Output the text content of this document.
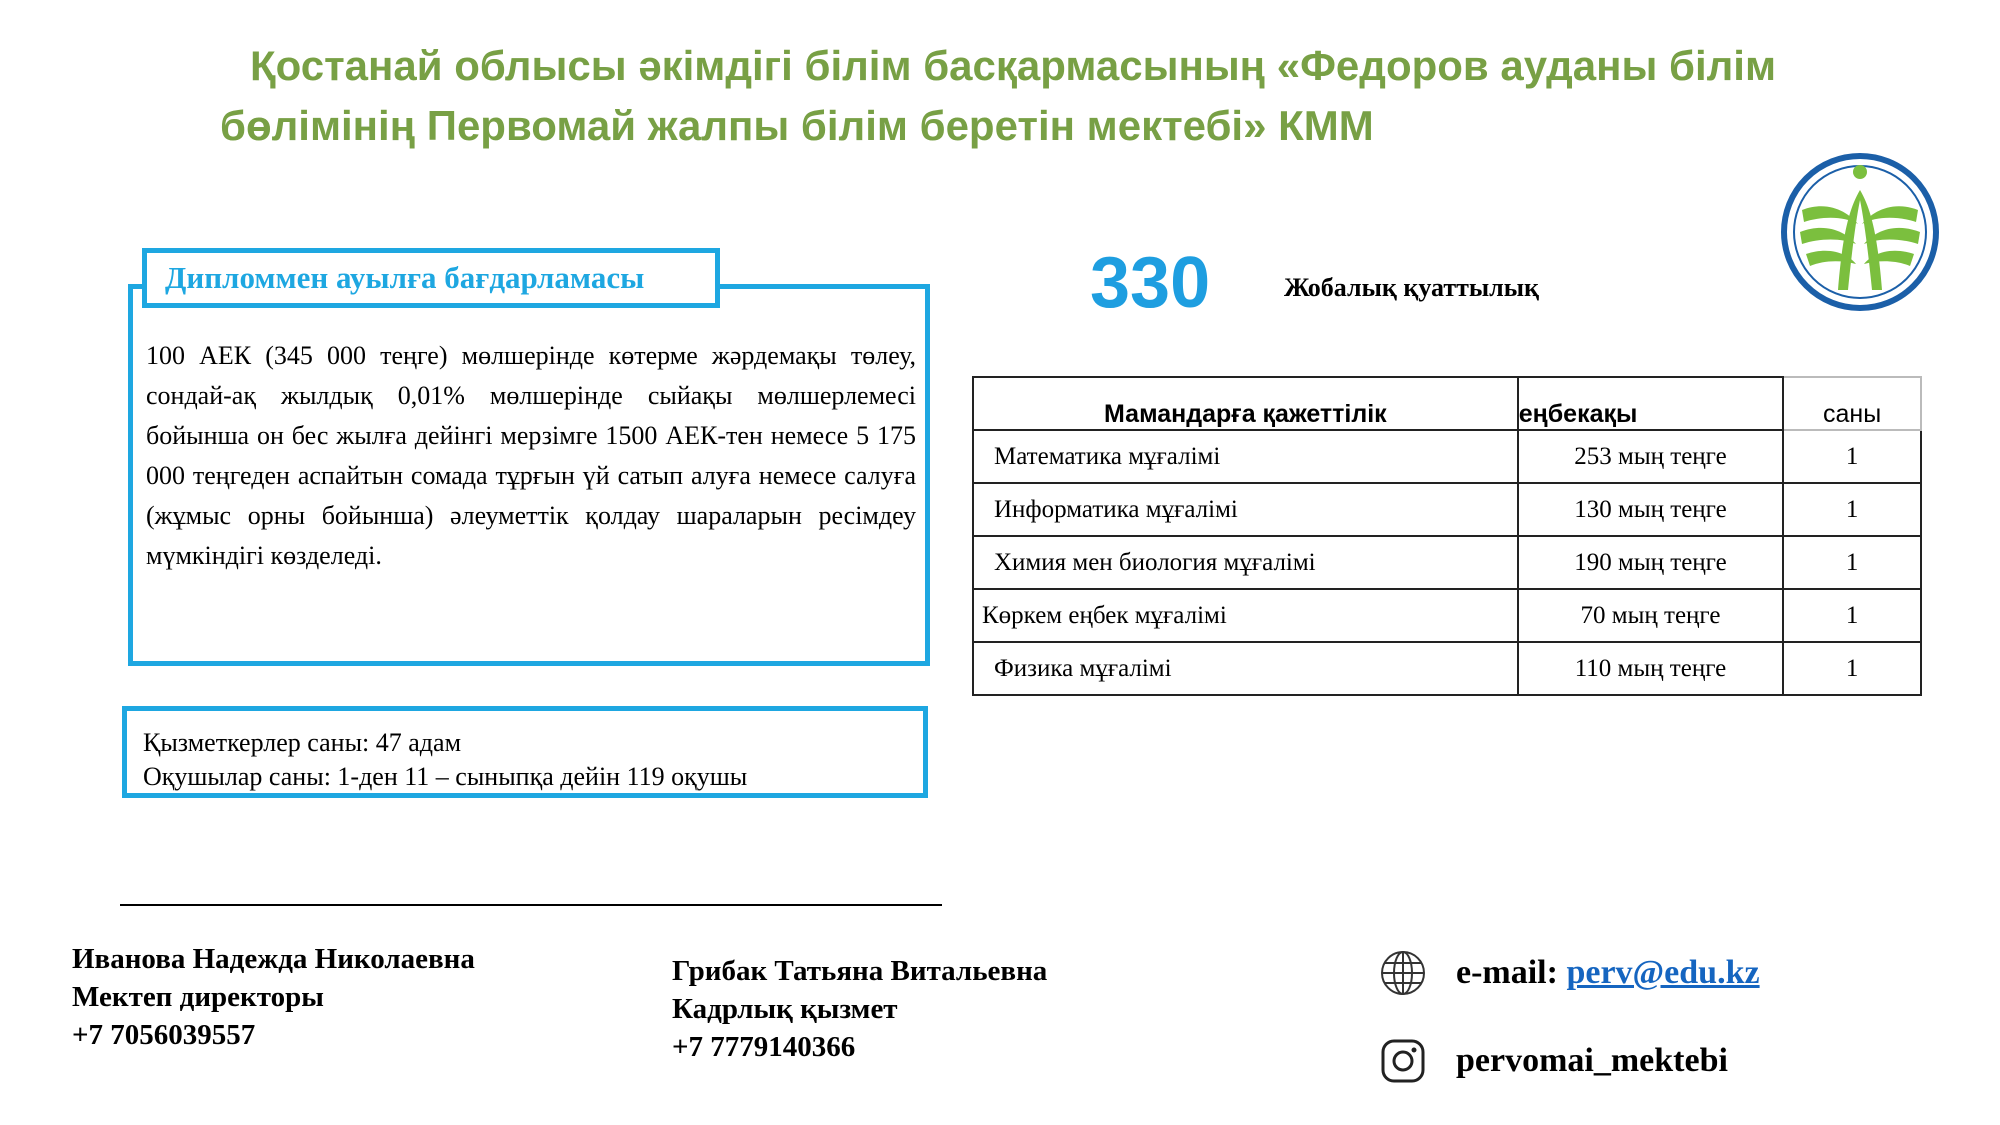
Қостанай облысы әкімдігі білім басқармасының «Федоров ауданы білім
бөлімінің Первомай жалпы білім беретін мектебі» КММ
Дипломмен ауылға бағдарламасы
100 АЕК (345 000 теңге) мөлшерінде көтерме жәрдемақы төлеу, сондай-ақ жылдық 0,01% мөлшерінде сыйақы мөлшерлемесі бойынша он бес жылға дейінгі мерзімге 1500 АЕК-тен немесе 5 175 000 теңгеден аспайтын сомада тұрғын үй сатып алуға немесе салуға (жұмыс орны бойынша) әлеуметтік қолдау шараларын ресімдеу мүмкіндігі көзделеді.
Қызметкерлер саны: 47 адам
Оқушылар саны: 1-ден 11 – сыныпқа дейін 119 оқушы
330	Жобалық қуаттылық
Мамандарға қажеттілік	еңбекақы	саны
Математика мұғалімі	253 мың теңге	1
Информатика мұғалімі	130 мың теңге	1
Химия мен биология мұғалімі	190 мың теңге	1
Көркем еңбек мұғалімі	70 мың теңге	1
Физика мұғалімі	110 мың теңге	1
Иванова Надежда Николаевна
Мектеп директоры
+7 7056039557
Грибак Татьяна Витальевна
Кадрлық қызмет
+7 7779140366
e-mail:
perv@edu.kz
pervomai_mektebi
